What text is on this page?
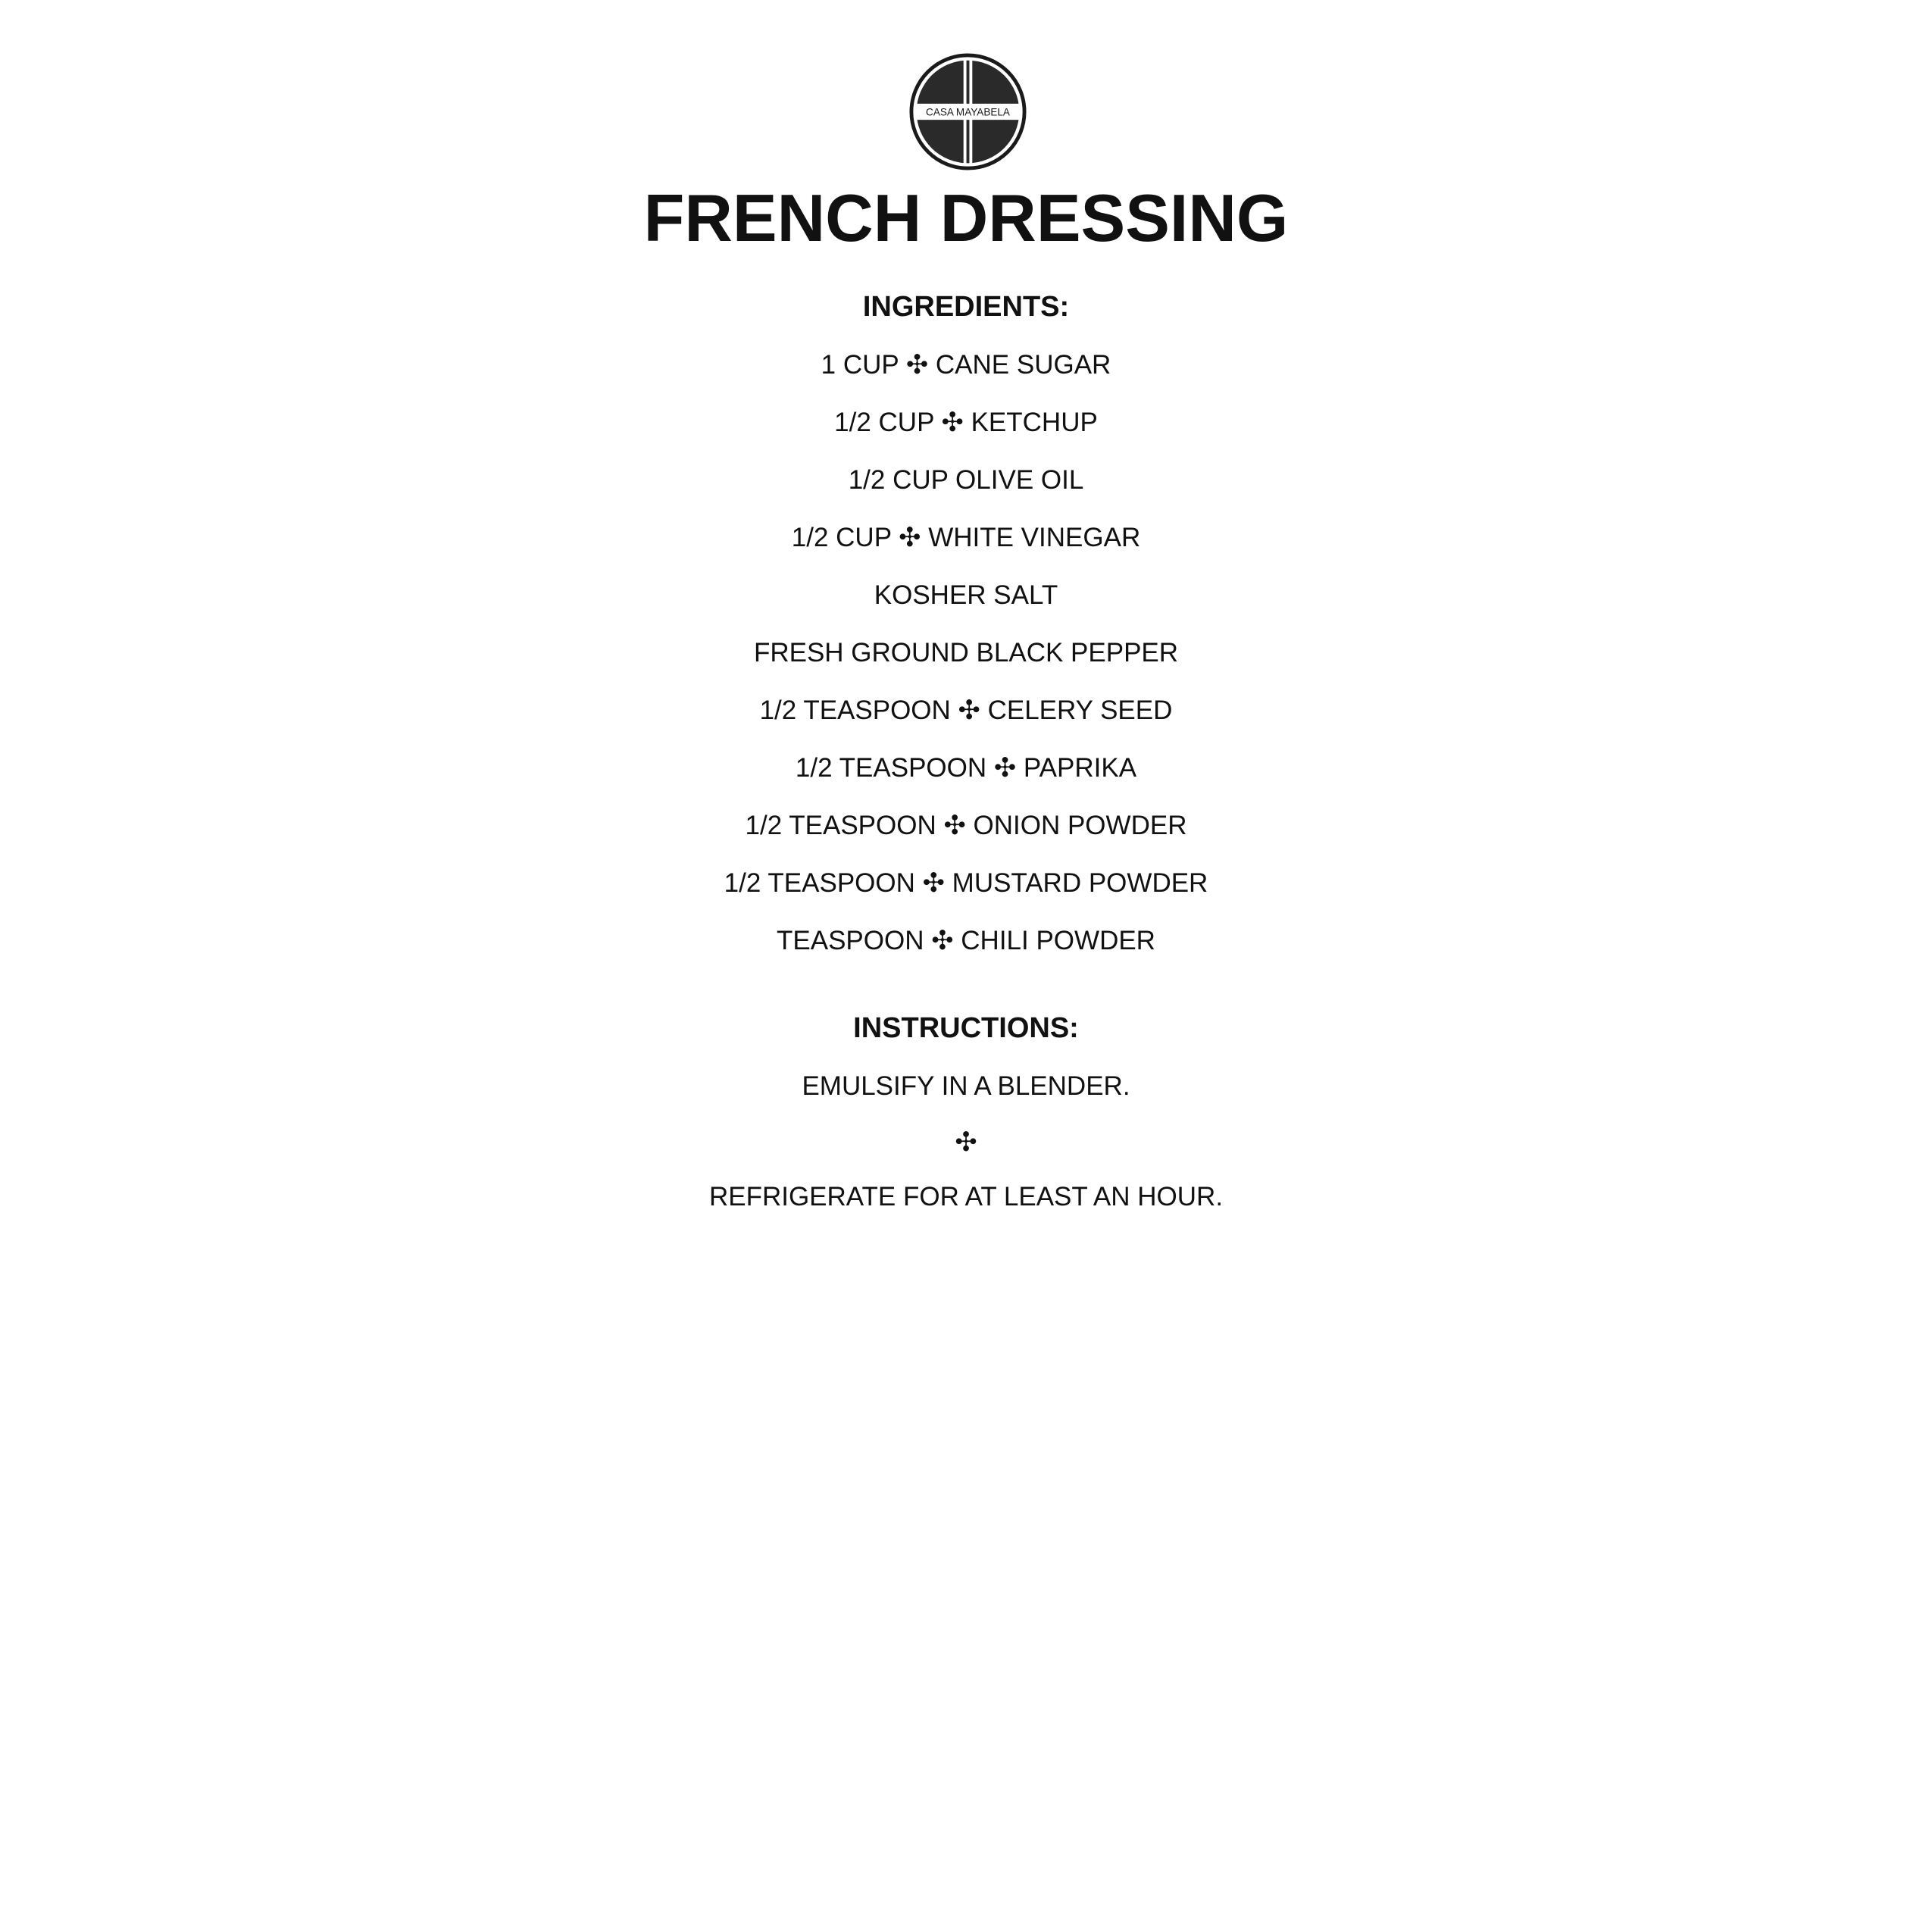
CASA MAYABELA
FRENCH DRESSING
INGREDIENTS:

1 CUP ✣ CANE SUGAR

1/2 CUP ✣ KETCHUP

1/2 CUP OLIVE OIL

1/2 CUP ✣ WHITE VINEGAR

KOSHER SALT

FRESH GROUND BLACK PEPPER

1/2 TEASPOON ✣ CELERY SEED

1/2 TEASPOON ✣ PAPRIKA

1/2 TEASPOON ✣ ONION POWDER

1/2 TEASPOON ✣ MUSTARD POWDER

TEASPOON ✣ CHILI POWDER

INSTRUCTIONS:

EMULSIFY IN A BLENDER.

✣

REFRIGERATE FOR AT LEAST AN HOUR.
